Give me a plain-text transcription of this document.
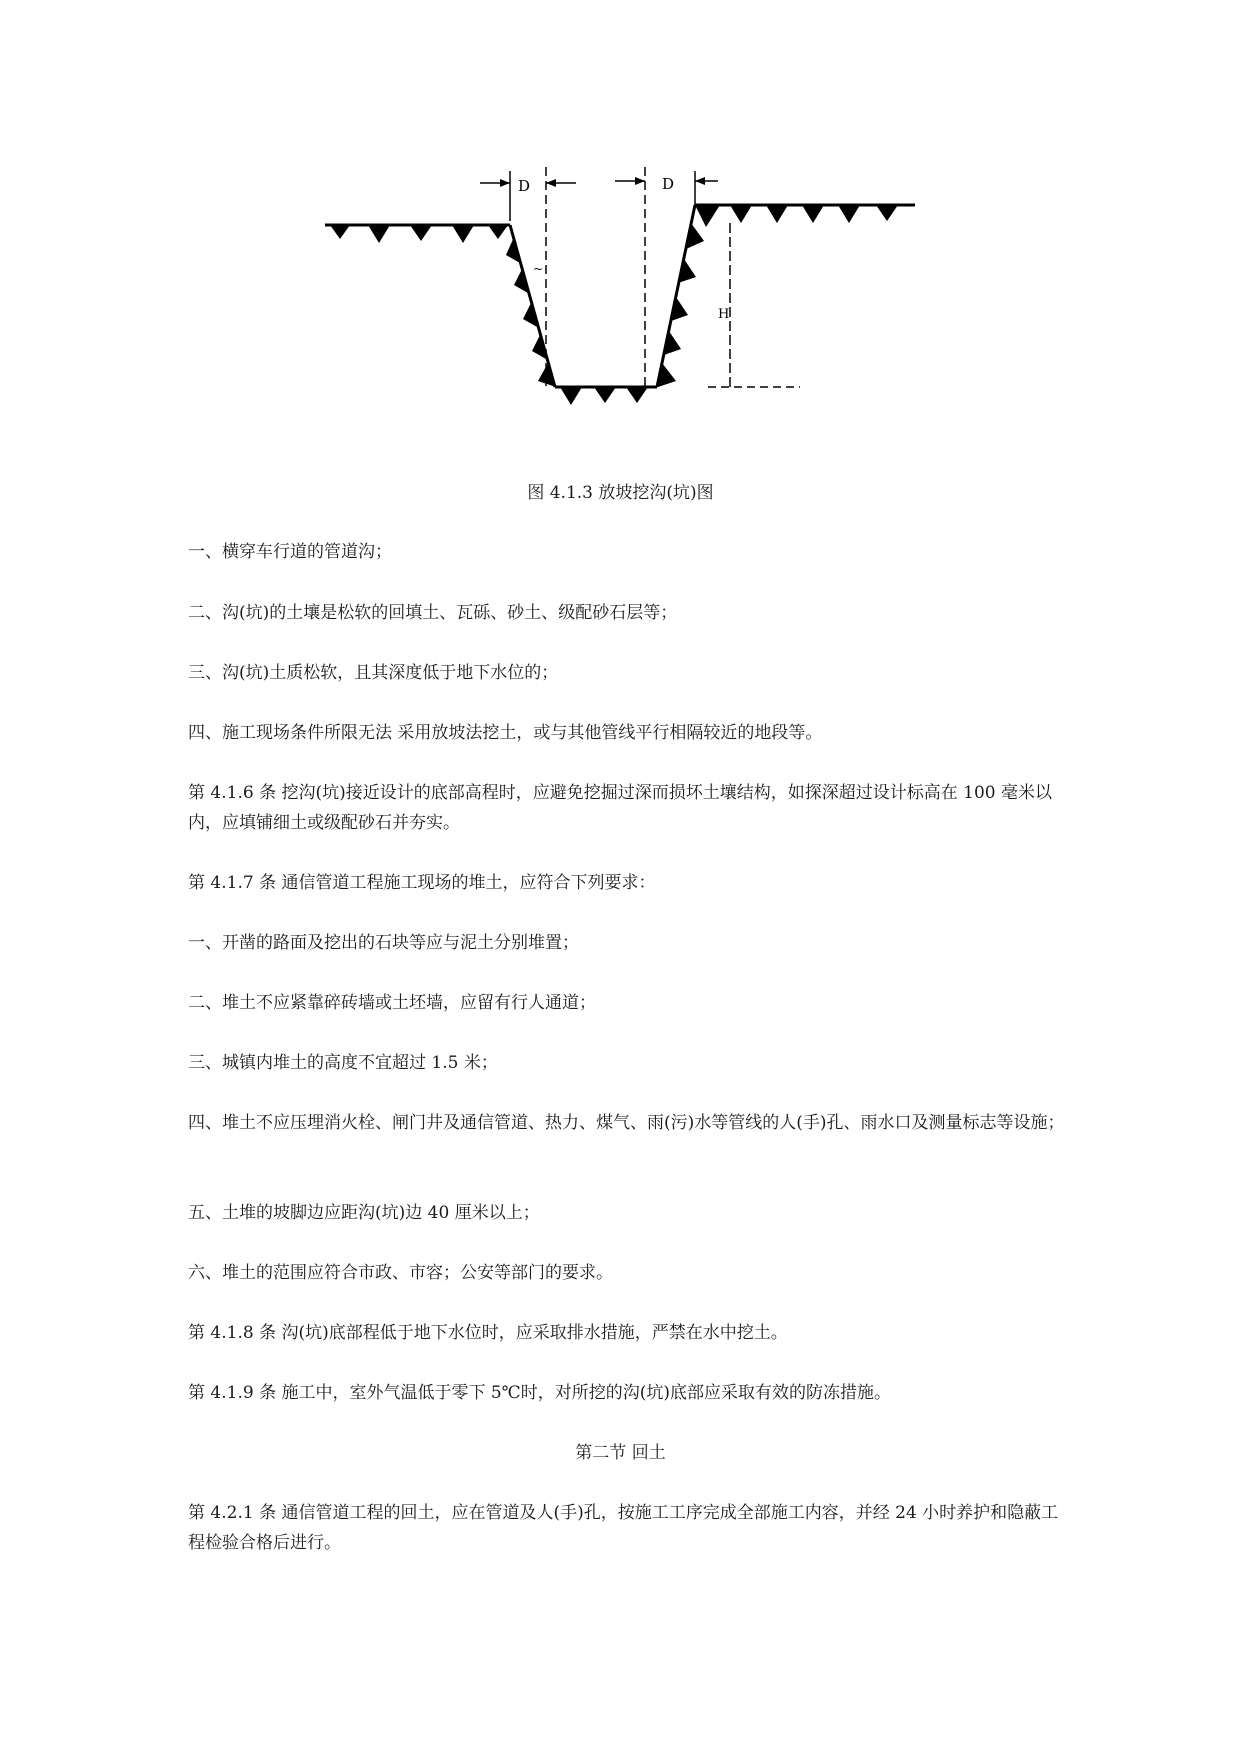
D	D
~
H
图 4.1.3 放坡挖沟(坑)图

一、横穿车行道的管道沟；

二、沟(坑)的土壤是松软的回填土、瓦砾、砂土、级配砂石层等；

三、沟(坑)土质松软，且其深度低于地下水位的；

四、施工现场条件所限无法 采用放坡法挖土，或与其他管线平行相隔较近的地段等。

第 4.1.6 条 挖沟(坑)接近设计的底部高程时，应避免挖掘过深而损坏土壤结构，如探深超过设计标高在 100 毫米以内，应填铺细土或级配砂石并夯实。

第 4.1.7 条 通信管道工程施工现场的堆土，应符合下列要求：

一、开凿的路面及挖出的石块等应与泥土分别堆置；

二、堆土不应紧靠碎砖墙或土坯墙，应留有行人通道；

三、城镇内堆土的高度不宜超过 1.5 米；

四、堆土不应压埋消火栓、闸门井及通信管道、热力、煤气、雨(污)水等管线的人(手)孔、雨水口及测量标志等设施；

五、土堆的坡脚边应距沟(坑)边 40 厘米以上；

六、堆土的范围应符合市政、市容；公安等部门的要求。

第 4.1.8 条 沟(坑)底部程低于地下水位时，应采取排水措施，严禁在水中挖土。

第 4.1.9 条 施工中，室外气温低于零下 5℃时，对所挖的沟(坑)底部应采取有效的防冻措施。

第二节 回土

第 4.2.1 条 通信管道工程的回土，应在管道及人(手)孔，按施工工序完成全部施工内容，并经 24 小时养护和隐蔽工程检验合格后进行。
